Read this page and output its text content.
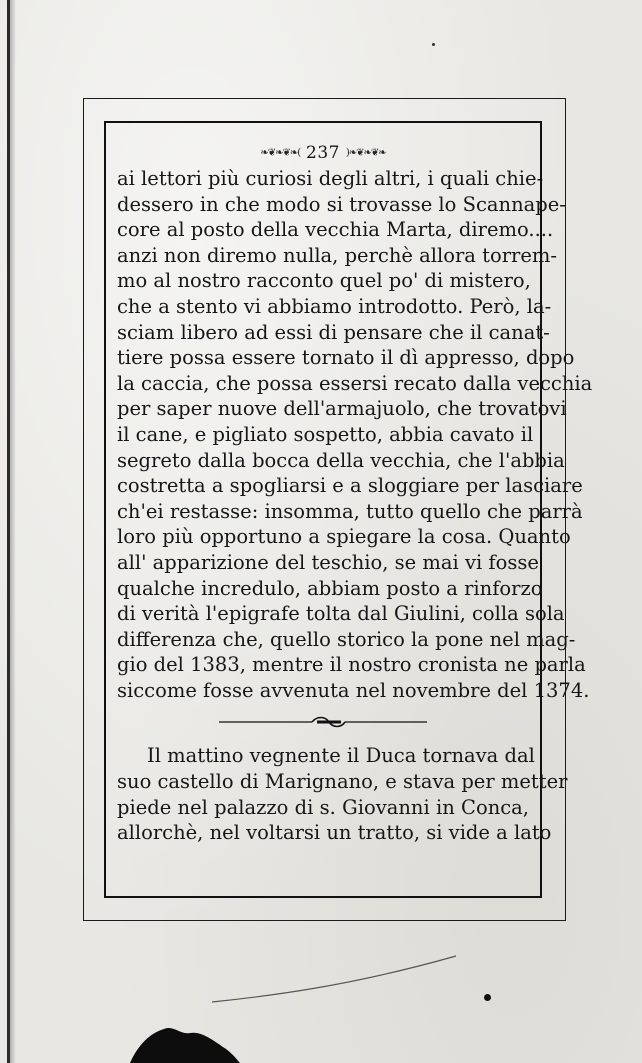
❧❦❧❦❧( 237 )❧❦❧❦❧
ai lettori più curiosi degli altri, i quali chie-
dessero in che modo si trovasse lo Scannape-
core al posto della vecchia Marta, diremo....
anzi non diremo nulla, perchè allora torrem-
mo al nostro racconto quel po' di mistero,
che a stento vi abbiamo introdotto. Però, la-
sciam libero ad essi di pensare che il canat-
tiere possa essere tornato il dì appresso, dopo
la caccia, che possa essersi recato dalla vecchia
per saper nuove dell'armajuolo, che trovatovi
il cane, e pigliato sospetto, abbia cavato il
segreto dalla bocca della vecchia, che l'abbia
costretta a spogliarsi e a sloggiare per lasciare
ch'ei restasse: insomma, tutto quello che parrà
loro più opportuno a spiegare la cosa. Quanto
all' apparizione del teschio, se mai vi fosse
qualche incredulo, abbiam posto a rinforzo
di verità l'epigrafe tolta dal Giulini, colla sola
differenza che, quello storico la pone nel mag-
gio del 1383, mentre il nostro cronista ne parla
siccome fosse avvenuta nel novembre del 1374.
Il mattino vegnente il Duca tornava dal
suo castello di Marignano, e stava per metter
piede nel palazzo di s. Giovanni in Conca,
allorchè, nel voltarsi un tratto, si vide a lato
